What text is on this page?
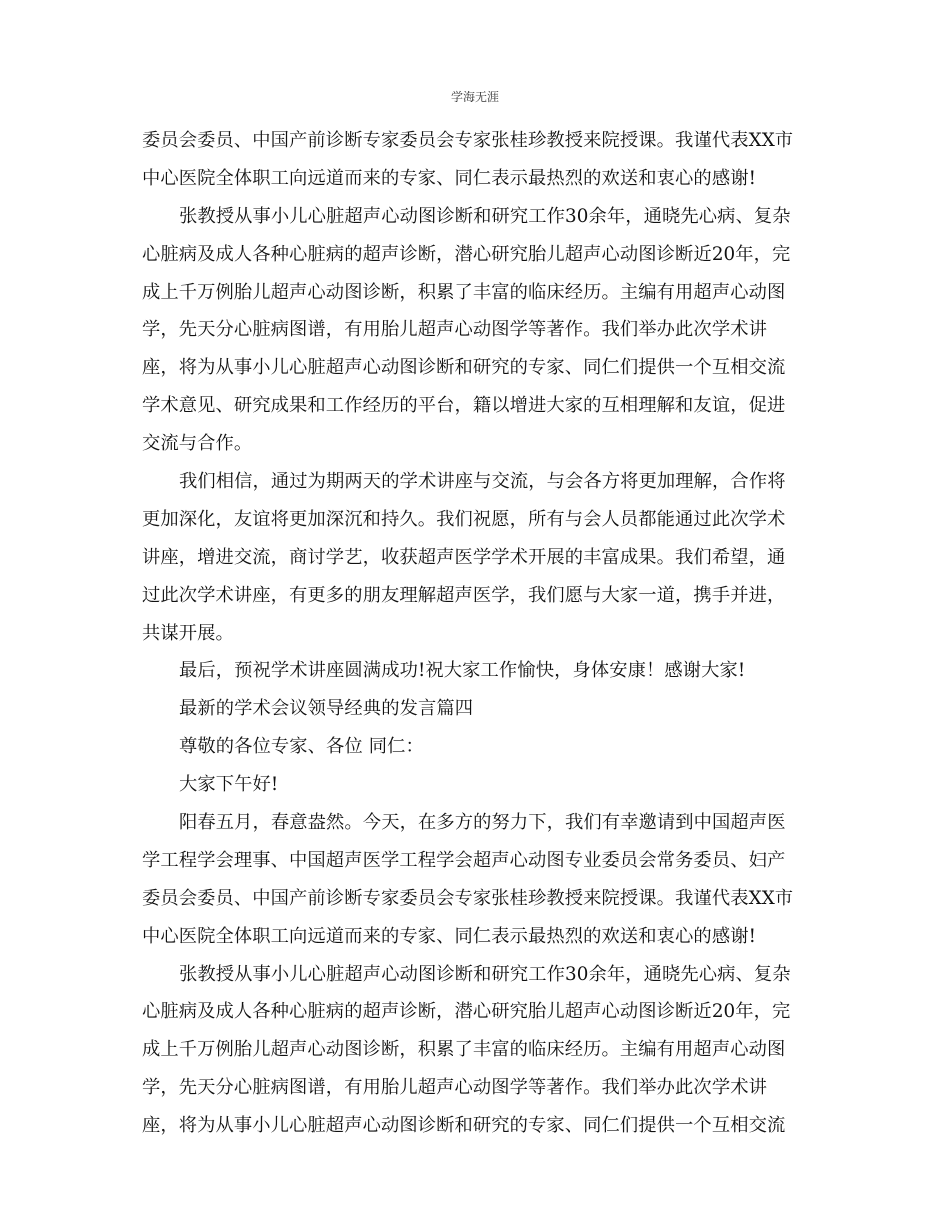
学海无涯
委员会委员、中国产前诊断专家委员会专家张桂珍教授来院授课。我谨代表XX市
中心医院全体职工向远道而来的专家、同仁表示最热烈的欢送和衷心的感谢!
张教授从事小儿心脏超声心动图诊断和研究工作30余年，通晓先心病、复杂
心脏病及成人各种心脏病的超声诊断，潜心研究胎儿超声心动图诊断近20年，完
成上千万例胎儿超声心动图诊断，积累了丰富的临床经历。主编有用超声心动图
学，先天分心脏病图谱，有用胎儿超声心动图学等著作。我们举办此次学术讲
座，将为从事小儿心脏超声心动图诊断和研究的专家、同仁们提供一个互相交流
学术意见、研究成果和工作经历的平台，籍以增进大家的互相理解和友谊，促进
交流与合作。
我们相信，通过为期两天的学术讲座与交流，与会各方将更加理解，合作将
更加深化，友谊将更加深沉和持久。我们祝愿，所有与会人员都能通过此次学术
讲座，增进交流，商讨学艺，收获超声医学学术开展的丰富成果。我们希望，通
过此次学术讲座，有更多的朋友理解超声医学，我们愿与大家一道，携手并进，
共谋开展。
最后，预祝学术讲座圆满成功!祝大家工作愉快，身体安康！感谢大家!
最新的学术会议领导经典的发言篇四
尊敬的各位专家、各位 同仁：
大家下午好!
阳春五月，春意盎然。今天，在多方的努力下，我们有幸邀请到中国超声医
学工程学会理事、中国超声医学工程学会超声心动图专业委员会常务委员、妇产
委员会委员、中国产前诊断专家委员会专家张桂珍教授来院授课。我谨代表XX市
中心医院全体职工向远道而来的专家、同仁表示最热烈的欢送和衷心的感谢!
张教授从事小儿心脏超声心动图诊断和研究工作30余年，通晓先心病、复杂
心脏病及成人各种心脏病的超声诊断，潜心研究胎儿超声心动图诊断近20年，完
成上千万例胎儿超声心动图诊断，积累了丰富的临床经历。主编有用超声心动图
学，先天分心脏病图谱，有用胎儿超声心动图学等著作。我们举办此次学术讲
座，将为从事小儿心脏超声心动图诊断和研究的专家、同仁们提供一个互相交流
